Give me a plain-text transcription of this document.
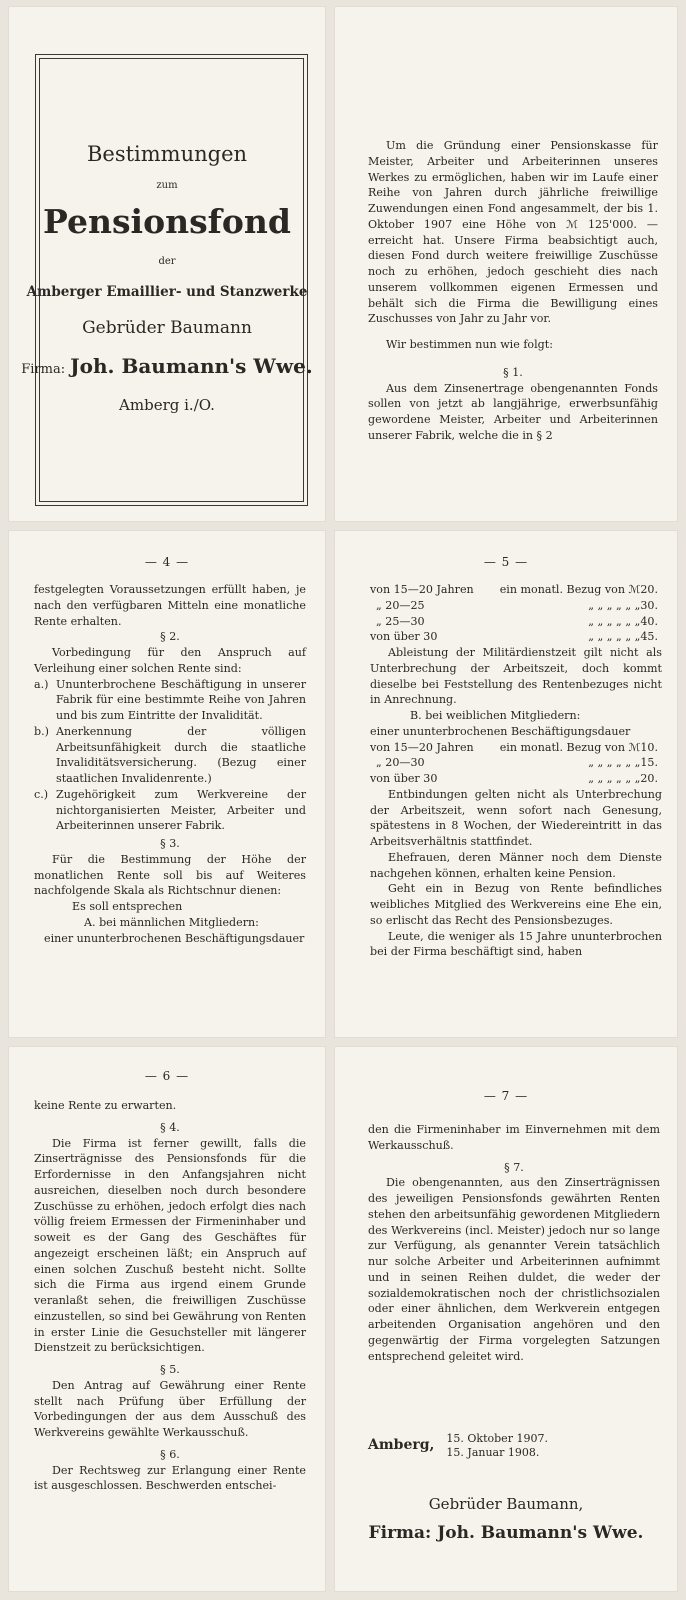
Bestimmungen
zum
Pensionsfond
der
Amberger Emaillier- und Stanzwerke
Gebrüder Baumann
Firma: Joh. Baumann's Wwe.
Amberg i./O.

Um die Gründung einer Pensionskasse für Meister, Arbeiter und Arbeiterinnen unseres Werkes zu ermöglichen, haben wir im Laufe einer Reihe von Jahren durch jährliche freiwillige Zuwendungen einen Fond angesammelt, der bis 1. Oktober 1907 eine Höhe von ℳ 125'000. — erreicht hat. Unsere Firma beabsichtigt auch, diesen Fond durch weitere freiwillige Zuschüsse noch zu erhöhen, jedoch geschieht dies nach unserem vollkommen eigenen Ermessen und behält sich die Firma die Bewilligung eines Zuschusses von Jahr zu Jahr vor.

Wir bestimmen nun wie folgt:

§ 1.

Aus dem Zinsenertrage obengenannten Fonds sollen von jetzt ab langjährige, erwerbsunfähig gewordene Meister, Arbeiter und Arbeiterinnen unserer Fabrik, welche die in § 2

— 4 —

festgelegten Voraussetzungen erfüllt haben, je nach den verfügbaren Mitteln eine monatliche Rente erhalten.

§ 2.

Vorbedingung für den Anspruch auf Verleihung einer solchen Rente sind:

a.) Ununterbrochene Beschäftigung in unserer Fabrik für eine bestimmte Reihe von Jahren und bis zum Eintritte der Invalidität.
b.) Anerkennung der völligen Arbeitsunfähigkeit durch die staatliche Invaliditätsversicherung. (Bezug einer staatlichen Invalidenrente.)
c.) Zugehörigkeit zum Werkvereine der nichtorganisierten Meister, Arbeiter und Arbeiterinnen unserer Fabrik.

§ 3.

Für die Bestimmung der Höhe der monatlichen Rente soll bis auf Weiteres nachfolgende Skala als Richtschnur dienen:

Es soll entsprechen

A. bei männlichen Mitgliedern:

einer ununterbrochenen Beschäftigungsdauer

— 5 —

von 15—20 Jahren	ein monatl. Bezug von ℳ20.
„ 20—25	„ „ „ „ „ „30.
„ 25—30	„ „ „ „ „ „40.
von über 30	„ „ „ „ „ „45.

Ableistung der Militärdienstzeit gilt nicht als Unterbrechung der Arbeitszeit, doch kommt dieselbe bei Feststellung des Rentenbezuges nicht in Anrechnung.

B. bei weiblichen Mitgliedern:

einer ununterbrochenen Beschäftigungsdauer

von 15—20 Jahren	ein monatl. Bezug von ℳ10.
„ 20—30	„ „ „ „ „ „15.
von über 30	„ „ „ „ „ „20.

Entbindungen gelten nicht als Unterbrechung der Arbeitszeit, wenn sofort nach Genesung, spätestens in 8 Wochen, der Wiedereintritt in das Arbeitsverhältnis stattfindet.

Ehefrauen, deren Männer noch dem Dienste nachgehen können, erhalten keine Pension.

Geht ein in Bezug von Rente befindliches weibliches Mitglied des Werkvereins eine Ehe ein, so erlischt das Recht des Pensionsbezuges.

Leute, die weniger als 15 Jahre ununterbrochen bei der Firma beschäftigt sind, haben

— 6 —

keine Rente zu erwarten.

§ 4.

Die Firma ist ferner gewillt, falls die Zinserträgnisse des Pensionsfonds für die Erfordernisse in den Anfangsjahren nicht ausreichen, dieselben noch durch besondere Zuschüsse zu erhöhen, jedoch erfolgt dies nach völlig freiem Ermessen der Firmeninhaber und soweit es der Gang des Geschäftes für angezeigt erscheinen läßt; ein Anspruch auf einen solchen Zuschuß besteht nicht. Sollte sich die Firma aus irgend einem Grunde veranlaßt sehen, die freiwilligen Zuschüsse einzustellen, so sind bei Gewährung von Renten in erster Linie die Gesuchsteller mit längerer Dienstzeit zu berücksichtigen.

§ 5.

Den Antrag auf Gewährung einer Rente stellt nach Prüfung über Erfüllung der Vorbedingungen der aus dem Ausschuß des Werkvereins gewählte Werkausschuß.

§ 6.

Der Rechtsweg zur Erlangung einer Rente ist ausgeschlossen. Beschwerden entschei-

— 7 —

den die Firmeninhaber im Einvernehmen mit dem Werkausschuß.

§ 7.

Die obengenannten, aus den Zinserträgnissen des jeweiligen Pensionsfonds gewährten Renten stehen den arbeitsunfähig gewordenen Mitgliedern des Werkvereins (incl. Meister) jedoch nur so lange zur Verfügung, als genannter Verein tatsächlich nur solche Arbeiter und Arbeiterinnen aufnimmt und in seinen Reihen duldet, die weder der sozialdemokratischen noch der christlichsozialen oder einer ähnlichen, dem Werkverein entgegen arbeitenden Organisation angehören und den gegenwärtig der Firma vorgelegten Satzungen entsprechend geleitet wird.

Amberg, 15. Oktober 1907.
15. Januar 1908.
Gebrüder Baumann,
Firma: Joh. Baumann's Wwe.
